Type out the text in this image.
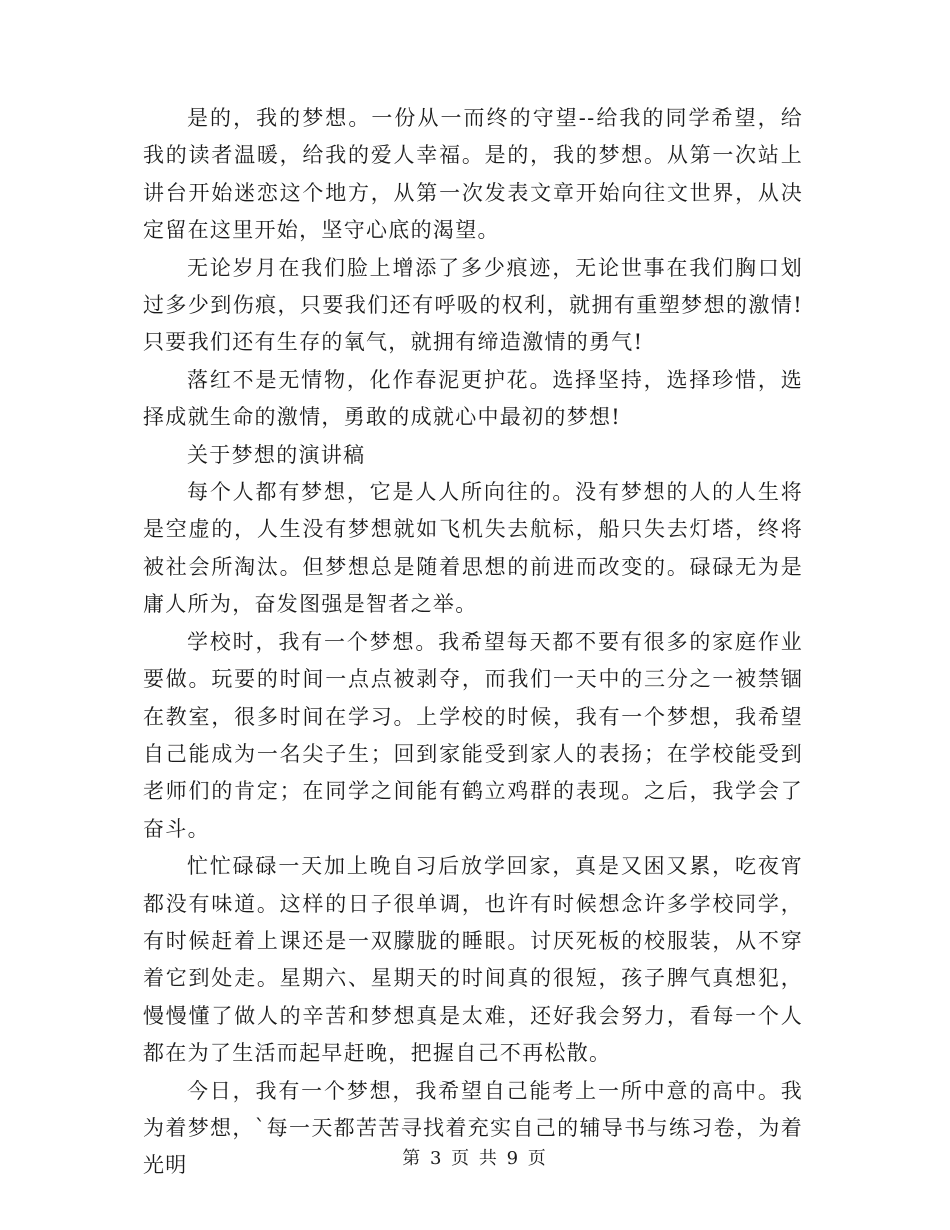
是的，我的梦想。一份从一而终的守望--给我的同学希望，给我的读者温暖，给我的爱人幸福。是的，我的梦想。从第一次站上讲台开始迷恋这个地方，从第一次发表文章开始向往文世界，从决定留在这里开始，坚守心底的渴望。

无论岁月在我们脸上增添了多少痕迹，无论世事在我们胸口划过多少到伤痕，只要我们还有呼吸的权利，就拥有重塑梦想的激情!只要我们还有生存的氧气，就拥有缔造激情的勇气!

落红不是无情物，化作春泥更护花。选择坚持，选择珍惜，选择成就生命的激情，勇敢的成就心中最初的梦想!

关于梦想的演讲稿

每个人都有梦想，它是人人所向往的。没有梦想的人的人生将是空虚的，人生没有梦想就如飞机失去航标，船只失去灯塔，终将被社会所淘汰。但梦想总是随着思想的前进而改变的。碌碌无为是庸人所为，奋发图强是智者之举。

学校时，我有一个梦想。我希望每天都不要有很多的家庭作业要做。玩要的时间一点点被剥夺，而我们一天中的三分之一被禁锢在教室，很多时间在学习。上学校的时候，我有一个梦想，我希望自己能成为一名尖子生；回到家能受到家人的表扬；在学校能受到老师们的肯定；在同学之间能有鹤立鸡群的表现。之后，我学会了奋斗。

忙忙碌碌一天加上晚自习后放学回家，真是又困又累，吃夜宵都没有味道。这样的日子很单调，也许有时候想念许多学校同学，有时候赶着上课还是一双朦胧的睡眼。讨厌死板的校服装，从不穿着它到处走。星期六、星期天的时间真的很短，孩子脾气真想犯，慢慢懂了做人的辛苦和梦想真是太难，还好我会努力，看每一个人都在为了生活而起早赶晚，把握自己不再松散。

今日，我有一个梦想，我希望自己能考上一所中意的高中。我为着梦想，`每一天都苦苦寻找着充实自己的辅导书与练习卷，为着光明	第 3 页 共 9 页
